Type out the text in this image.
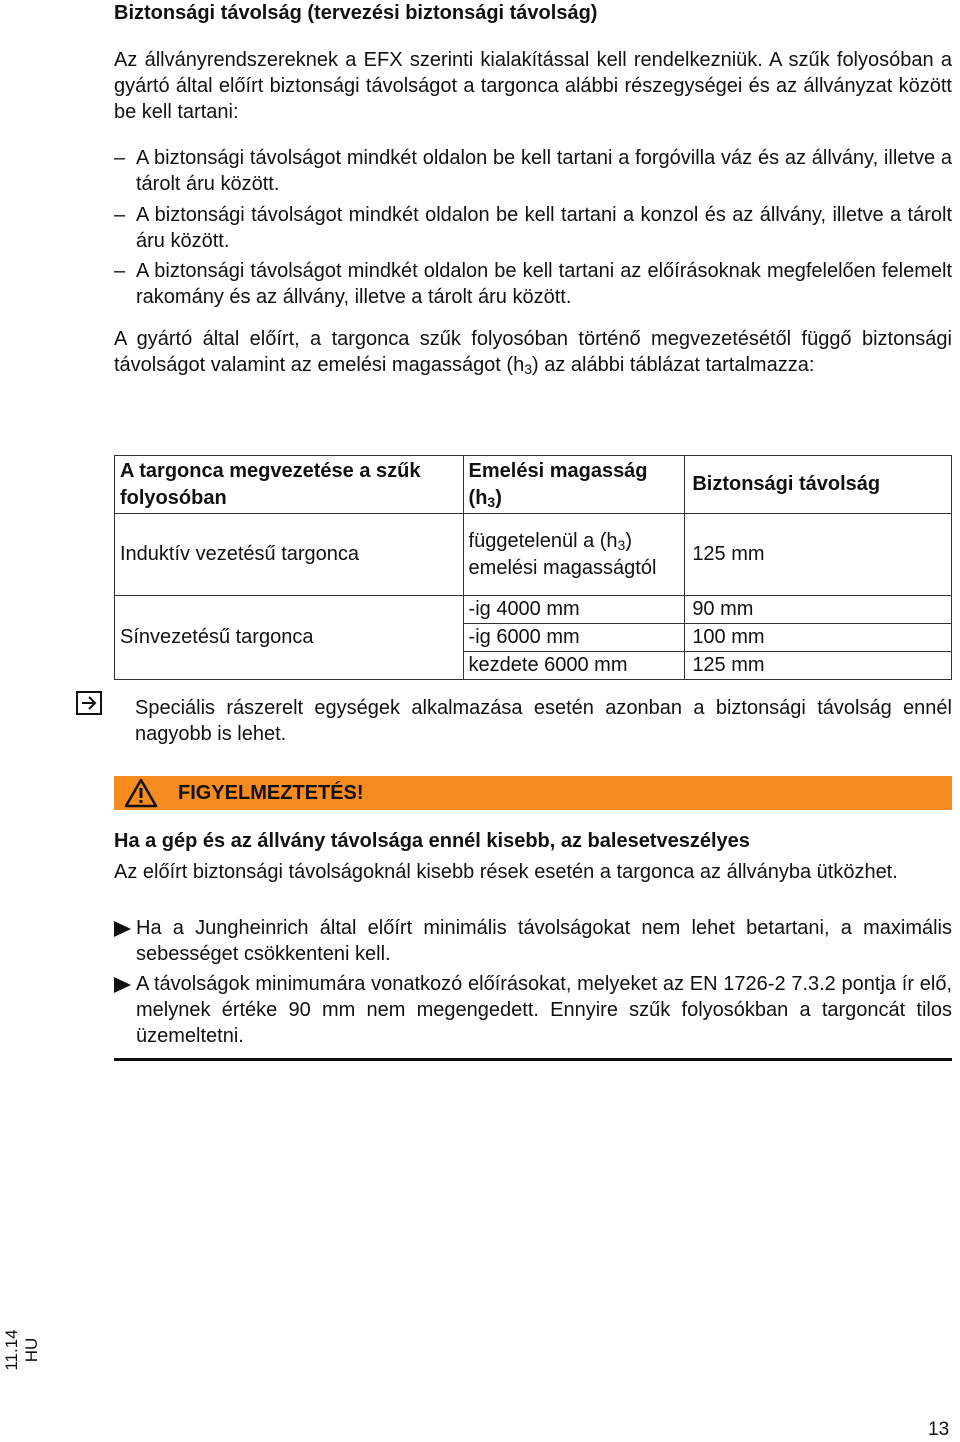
Biztonsági távolság (tervezési biztonsági távolság)
Az állványrendszereknek a EFX szerinti kialakítással kell rendelkezniük. A szűk folyosóban a gyártó által előírt biztonsági távolságot a targonca alábbi részegységei és az állványzat között be kell tartani:
– A biztonsági távolságot mindkét oldalon be kell tartani a forgóvilla váz és az állvány, illetve a tárolt áru között.
– A biztonsági távolságot mindkét oldalon be kell tartani a konzol és az állvány, illetve a tárolt áru között.
– A biztonsági távolságot mindkét oldalon be kell tartani az előírásoknak megfelelően felemelt rakomány és az állvány, illetve a tárolt áru között.
A gyártó által előírt, a targonca szűk folyosóban történő megvezetésétől függő biztonsági távolságot valamint az emelési magasságot $(h_3)$ az alábbi táblázat tartalmazza:
A targonca megvezetése a szűk folyosóban	Emelési magasság $(h_3)$	Biztonsági távolság
Induktív vezetésű targonca	függetelenül a $(h_3)$ emelési magasságtól	125 mm
Sínvezetésű targonca	-ig 4000 mm	90 mm
	-ig 6000 mm	100 mm
	kezdete 6000 mm	125 mm
Speciális rászerelt egységek alkalmazása esetén azonban a biztonsági távolság ennél nagyobb is lehet.
FIGYELMEZTETÉS!
Ha a gép és az állvány távolsága ennél kisebb, az balesetveszélyes
Az előírt biztonsági távolságoknál kisebb rések esetén a targonca az állványba ütközhet.
Ha a Jungheinrich által előírt minimális távolságokat nem lehet betartani, a maximális sebességet csökkenteni kell.
A távolságok minimumára vonatkozó előírásokat, melyeket az EN 1726-2 7.3.2 pontja ír elő, melynek értéke 90 mm nem megengedett. Ennyire szűk folyosókban a targoncát tilos üzemeltetni.
11.14 HU
13
